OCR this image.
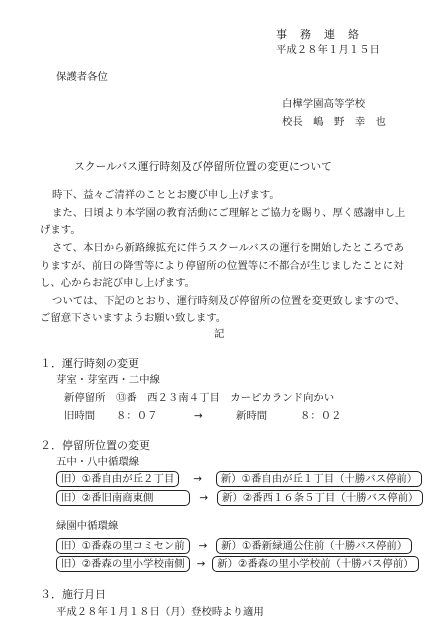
事　務　連　絡
平成２８年１月１５日
保護者各位
白樺学園高等学校
校長　嶋　野　幸　也
スクールバス運行時刻及び停留所位置の変更について
時下、益々ご清祥のこととお慶び申し上げます。
また、日頃より本学園の教育活動にご理解とご協力を賜り、厚く感謝申し上
げます。
さて、本日から新路線拡充に伴うスクールバスの運行を開始したところであ
りますが、前日の降雪等により停留所の位置等に不都合が生じましたことに対
し、心からお詫び申し上げます。
ついては、下記のとおり、運行時刻及び停留所の位置を変更致しますので、
ご留意下さいますようお願い致します。
記
１．運行時刻の変更
芽室・芽室西・二中線
新停留所　⑬番　西２３南４丁目　カーピカランド向かい
旧時間 ８：０７	→	新時間	８：０２
２．停留所位置の変更
五中・八中循環線
旧）①番自由が丘２丁目 → 新）①番自由が丘１丁目（十勝バス停前）
旧）②番旧南商東側	→ 新）②番西１６条５丁目（十勝バス停前）
緑園中循環線
旧）①番森の里コミセン前 → 新）①番新緑通公住前（十勝バス停前）
旧）②番森の里小学校南側 → 新）②番森の里小学校前（十勝バス停前）
３．施行月日
平成２８年１月１８日（月）登校時より適用
